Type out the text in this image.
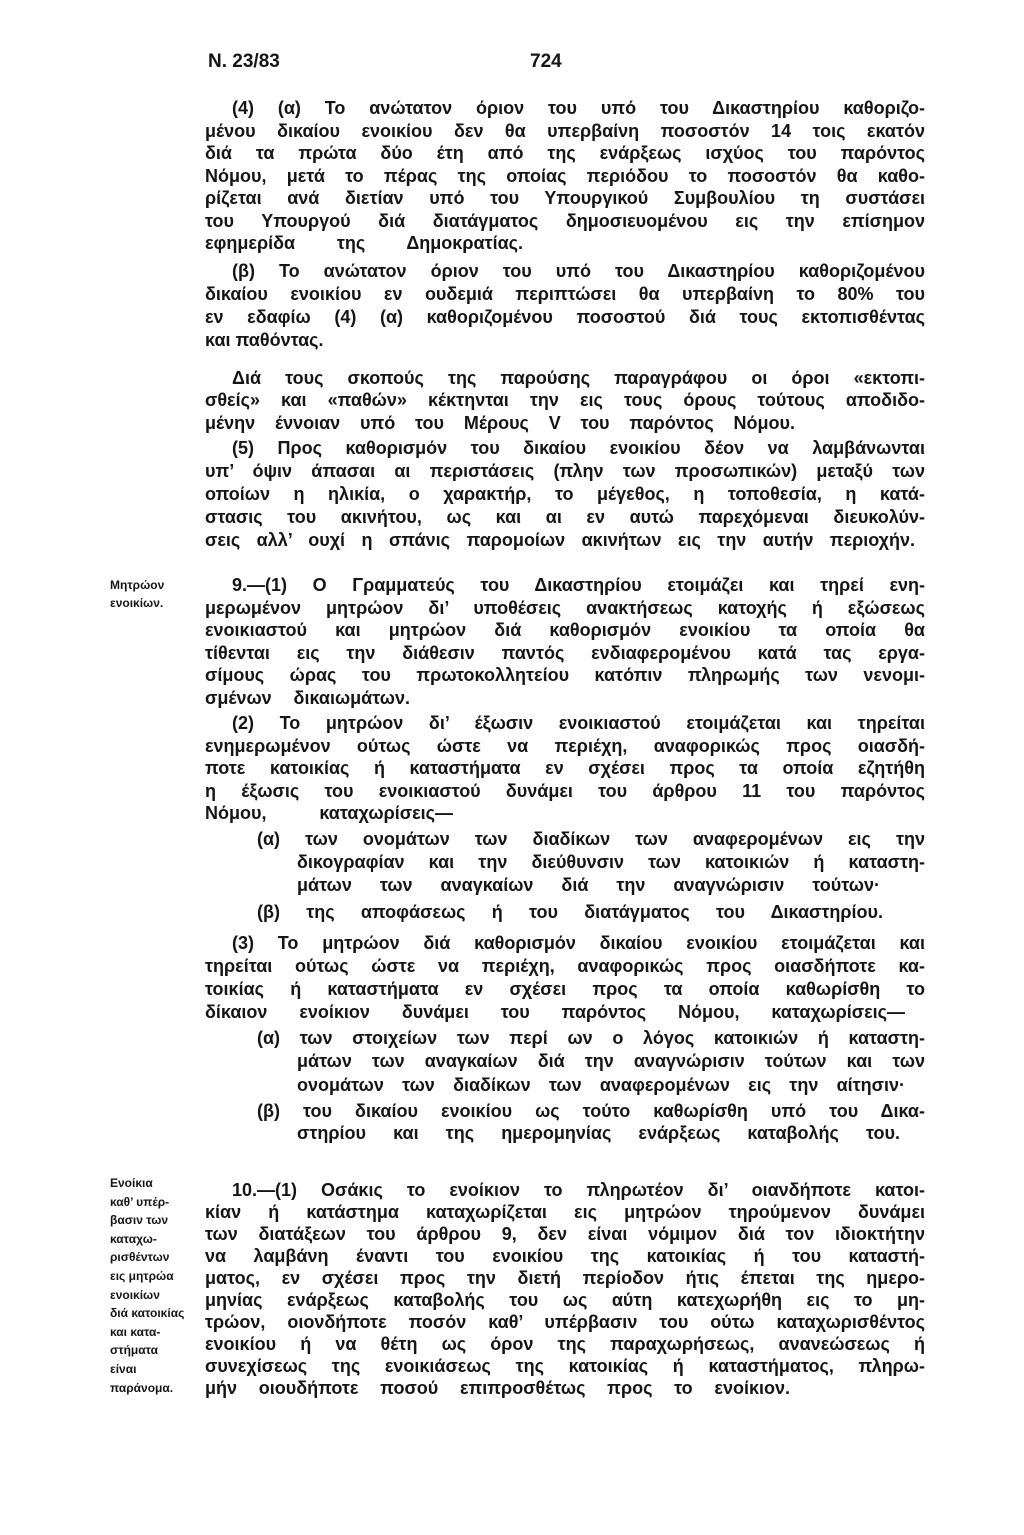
Ν. 23/83	724
Μητρώον
ενοικίων.
Ενοίκια
καθ’ υπέρ-
βασιν των
καταχω-
ρισθέντων
εις μητρώα
ενοικίων
διά κατοικίας
και κατα-
στήματα
είναι
παράνομα.
(4) (α) Το ανώτατον όριον του υπό του Δικαστηρίου καθοριζο-
μένου δικαίου ενοικίου δεν θα υπερβαίνη ποσοστόν 14 τοις εκατόν
διά τα πρώτα δύο έτη από της ενάρξεως ισχύος του παρόντος
Νόμου, μετά το πέρας της οποίας περιόδου το ποσοστόν θα καθο-
ρίζεται ανά διετίαν υπό του Υπουργικού Συμβουλίου τη συστάσει
του Υπουργού διά διατάγματος δημοσιευομένου εις την επίσημον
εφημερίδα της Δημοκρατίας.
(β) Το ανώτατον όριον του υπό του Δικαστηρίου καθοριζομένου
δικαίου ενοικίου εν ουδεμιά περιπτώσει θα υπερβαίνη το 80% του
εν εδαφίω (4) (α) καθοριζομένου ποσοστού διά τους εκτοπισθέντας
και παθόντας.
Διά τους σκοπούς της παρούσης παραγράφου οι όροι «εκτοπι-
σθείς» και «παθών» κέκτηνται την εις τους όρους τούτους αποδιδο-
μένην έννοιαν υπό του Μέρους V του παρόντος Νόμου.
(5) Προς καθορισμόν του δικαίου ενοικίου δέον να λαμβάνωνται
υπ’ όψιν άπασαι αι περιστάσεις (πλην των προσωπικών) μεταξύ των
οποίων η ηλικία, ο χαρακτήρ, το μέγεθος, η τοποθεσία, η κατά-
στασις του ακινήτου, ως και αι εν αυτώ παρεχόμεναι διευκολύν-
σεις αλλ’ ουχί η σπάνις παρομοίων ακινήτων εις την αυτήν περιοχήν.
9.—(1) Ο Γραμματεύς του Δικαστηρίου ετοιμάζει και τηρεί ενη-
μερωμένον μητρώον δι’ υποθέσεις ανακτήσεως κατοχής ή εξώσεως
ενοικιαστού και μητρώον διά καθορισμόν ενοικίου τα οποία θα
τίθενται εις την διάθεσιν παντός ενδιαφερομένου κατά τας εργα-
σίμους ώρας του πρωτοκολλητείου κατόπιν πληρωμής των νενομι-
σμένων δικαιωμάτων.
(2) Το μητρώον δι’ έξωσιν ενοικιαστού ετοιμάζεται και τηρείται
ενημερωμένον ούτως ώστε να περιέχη, αναφορικώς προς οιασδή-
ποτε κατοικίας ή καταστήματα εν σχέσει προς τα οποία εζητήθη
η έξωσις του ενοικιαστού δυνάμει του άρθρου 11 του παρόντος
Νόμου, καταχωρίσεις—
(α) των ονομάτων των διαδίκων των αναφερομένων εις την
δικογραφίαν και την διεύθυνσιν των κατοικιών ή καταστη-
μάτων των αναγκαίων διά την αναγνώρισιν τούτων·
(β) της αποφάσεως ή του διατάγματος του Δικαστηρίου.
(3) Το μητρώον διά καθορισμόν δικαίου ενοικίου ετοιμάζεται και
τηρείται ούτως ώστε να περιέχη, αναφορικώς προς οιασδήποτε κα-
τοικίας ή καταστήματα εν σχέσει προς τα οποία καθωρίσθη το
δίκαιον ενοίκιον δυνάμει του παρόντος Νόμου, καταχωρίσεις—
(α) των στοιχείων των περί ων ο λόγος κατοικιών ή καταστη-
μάτων των αναγκαίων διά την αναγνώρισιν τούτων και των
ονομάτων των διαδίκων των αναφερομένων εις την αίτησιν·
(β) του δικαίου ενοικίου ως τούτο καθωρίσθη υπό του Δικα-
στηρίου και της ημερομηνίας ενάρξεως καταβολής του.
10.—(1) Οσάκις το ενοίκιον το πληρωτέον δι’ οιανδήποτε κατοι-
κίαν ή κατάστημα καταχωρίζεται εις μητρώον τηρούμενον δυνάμει
των διατάξεων του άρθρου 9, δεν είναι νόμιμον διά τον ιδιοκτήτην
να λαμβάνη έναντι του ενοικίου της κατοικίας ή του καταστή-
ματος, εν σχέσει προς την διετή περίοδον ήτις έπεται της ημερο-
μηνίας ενάρξεως καταβολής του ως αύτη κατεχωρήθη εις το μη-
τρώον, οιονδήποτε ποσόν καθ’ υπέρβασιν του ούτω καταχωρισθέντος
ενοικίου ή να θέτη ως όρον της παραχωρήσεως, ανανεώσεως ή
συνεχίσεως της ενοικιάσεως της κατοικίας ή καταστήματος, πληρω-
μήν οιουδήποτε ποσού επιπροσθέτως προς το ενοίκιον.
